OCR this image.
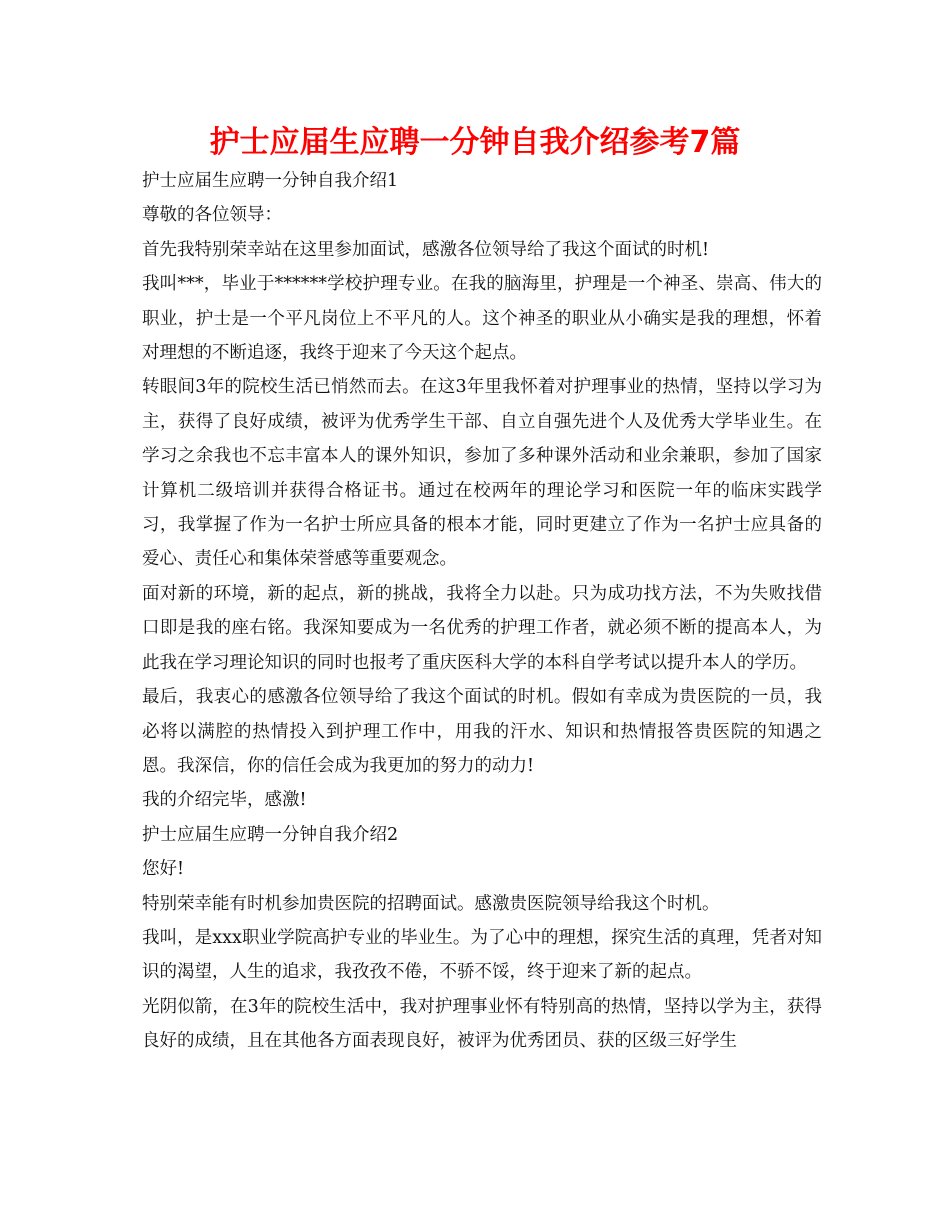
护士应届生应聘一分钟自我介绍参考7篇

护士应届生应聘一分钟自我介绍1

尊敬的各位领导：

首先我特别荣幸站在这里参加面试，感激各位领导给了我这个面试的时机!

我叫***，毕业于******学校护理专业。在我的脑海里，护理是一个神圣、崇高、伟大的职业，护士是一个平凡岗位上不平凡的人。这个神圣的职业从小确实是我的理想，怀着对理想的不断追逐，我终于迎来了今天这个起点。

转眼间3年的院校生活已悄然而去。在这3年里我怀着对护理事业的热情，坚持以学习为主，获得了良好成绩，被评为优秀学生干部、自立自强先进个人及优秀大学毕业生。在学习之余我也不忘丰富本人的课外知识，参加了多种课外活动和业余兼职，参加了国家计算机二级培训并获得合格证书。通过在校两年的理论学习和医院一年的临床实践学习，我掌握了作为一名护士所应具备的根本才能，同时更建立了作为一名护士应具备的爱心、责任心和集体荣誉感等重要观念。

面对新的环境，新的起点，新的挑战，我将全力以赴。只为成功找方法，不为失败找借口即是我的座右铭。我深知要成为一名优秀的护理工作者，就必须不断的提高本人，为此我在学习理论知识的同时也报考了重庆医科大学的本科自学考试以提升本人的学历。

最后，我衷心的感激各位领导给了我这个面试的时机。假如有幸成为贵医院的一员，我必将以满腔的热情投入到护理工作中，用我的汗水、知识和热情报答贵医院的知遇之恩。我深信，你的信任会成为我更加的努力的动力!

我的介绍完毕，感激!

护士应届生应聘一分钟自我介绍2

您好!

特别荣幸能有时机参加贵医院的招聘面试。感激贵医院领导给我这个时机。

我叫，是xxx职业学院高护专业的毕业生。为了心中的理想，探究生活的真理，凭者对知识的渴望，人生的追求，我孜孜不倦，不骄不馁，终于迎来了新的起点。

光阴似箭，在3年的院校生活中，我对护理事业怀有特别高的热情，坚持以学为主，获得良好的成绩，且在其他各方面表现良好，被评为优秀团员、获的区级三好学生
